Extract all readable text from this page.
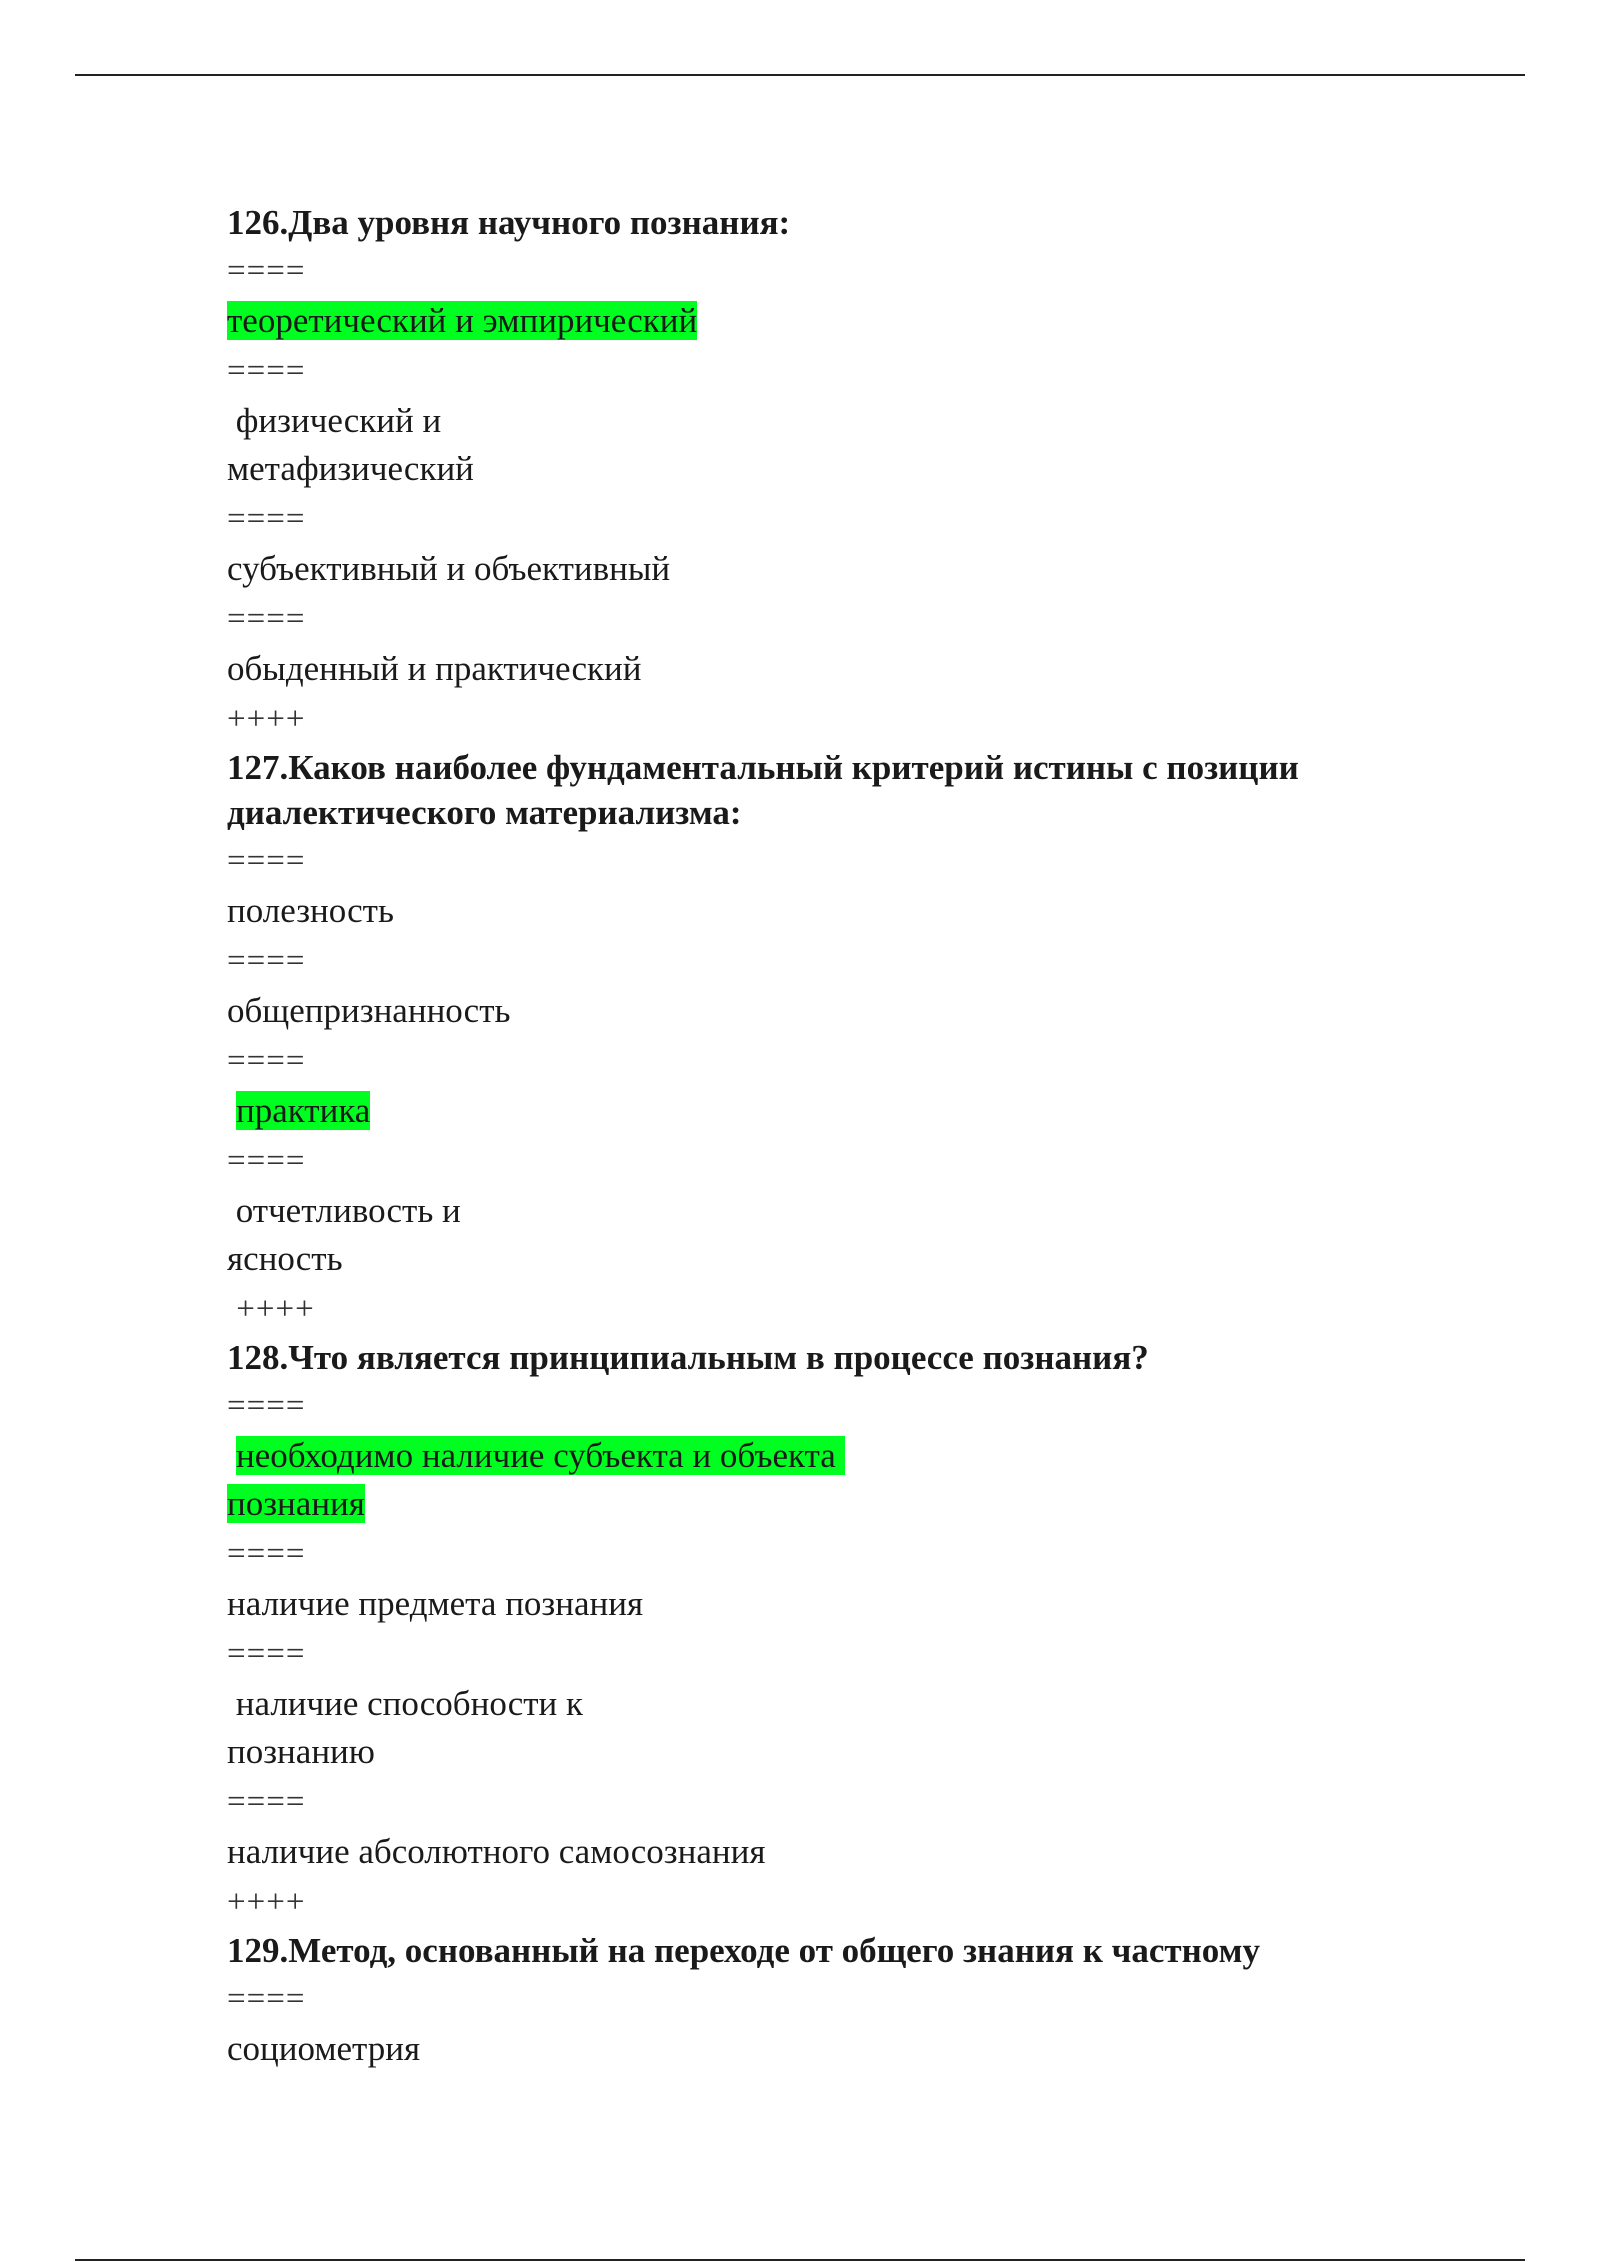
126.Два уровня научного познания:
====
теоретический и эмпирический
====
физический и
метафизический
====
субъективный и объективный
====
обыденный и практический
++++
127.Каков наиболее фундаментальный критерий истины с позиции
диалектического материализма:
====
полезность
====
общепризнанность
====
практика
====
отчетливость и
ясность
++++
128.Что является принципиальным в процессе познания?
====
необходимо наличие субъекта и объекта
познания
====
наличие предмета познания
====
наличие способности к
познанию
====
наличие абсолютного самосознания
++++
129.Метод, основанный на переходе от общего знания к частному
====
социометрия
